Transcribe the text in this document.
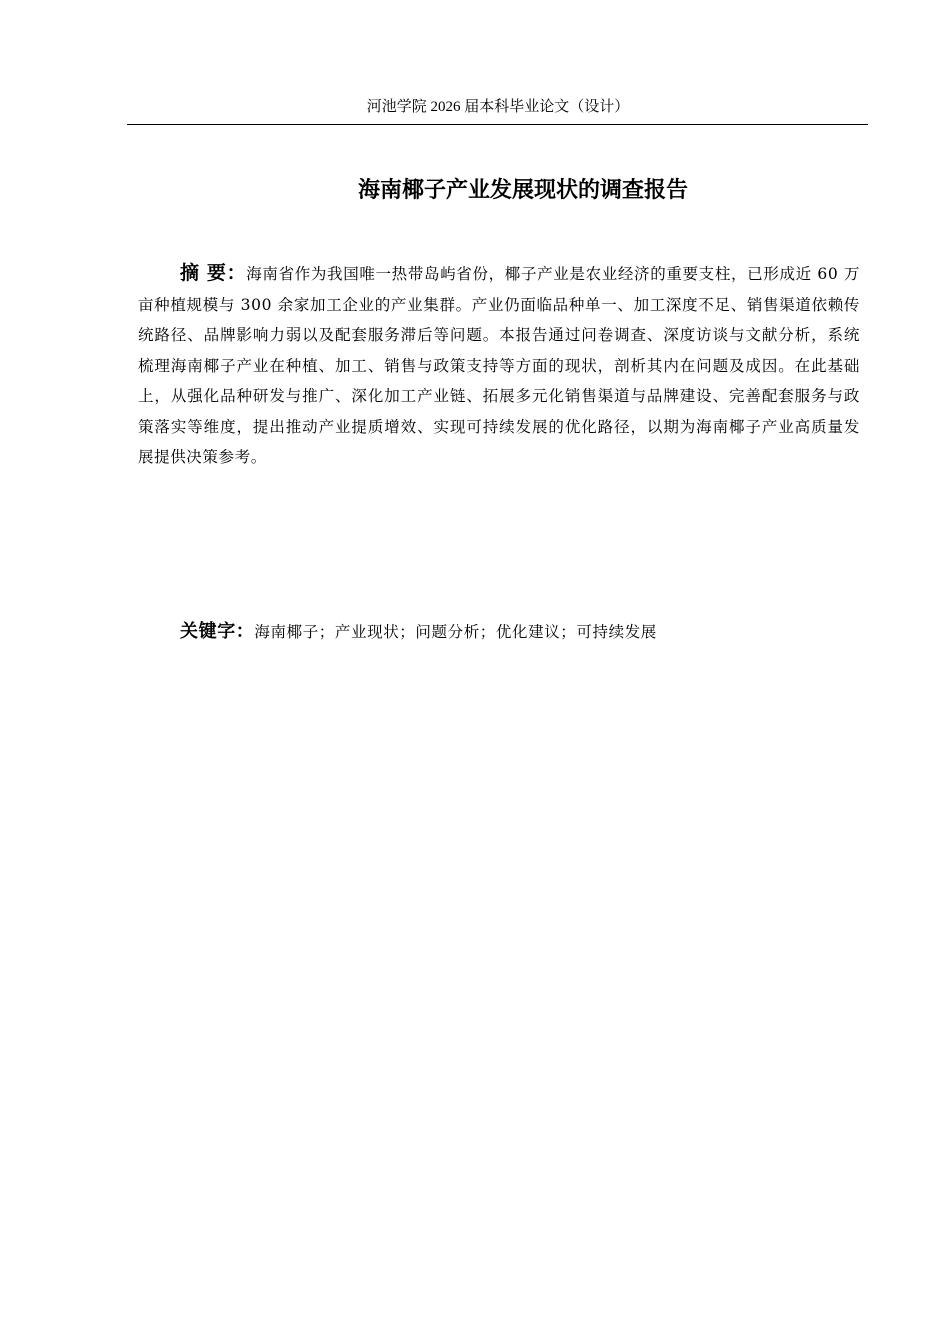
河池学院 2026 届本科毕业论文（设计）
海南椰子产业发展现状的调查报告

摘 要：海南省作为我国唯一热带岛屿省份，椰子产业是农业经济的重要支柱，已形成近 60 万亩种植规模与 300 余家加工企业的产业集群。产业仍面临品种单一、加工深度不足、销售渠道依赖传统路径、品牌影响力弱以及配套服务滞后等问题。本报告通过问卷调查、深度访谈与文献分析，系统梳理海南椰子产业在种植、加工、销售与政策支持等方面的现状，剖析其内在问题及成因。在此基础上，从强化品种研发与推广、深化加工产业链、拓展多元化销售渠道与品牌建设、完善配套服务与政策落实等维度，提出推动产业提质增效、实现可持续发展的优化路径，以期为海南椰子产业高质量发展提供决策参考。

关键字：海南椰子；产业现状；问题分析；优化建议；可持续发展
